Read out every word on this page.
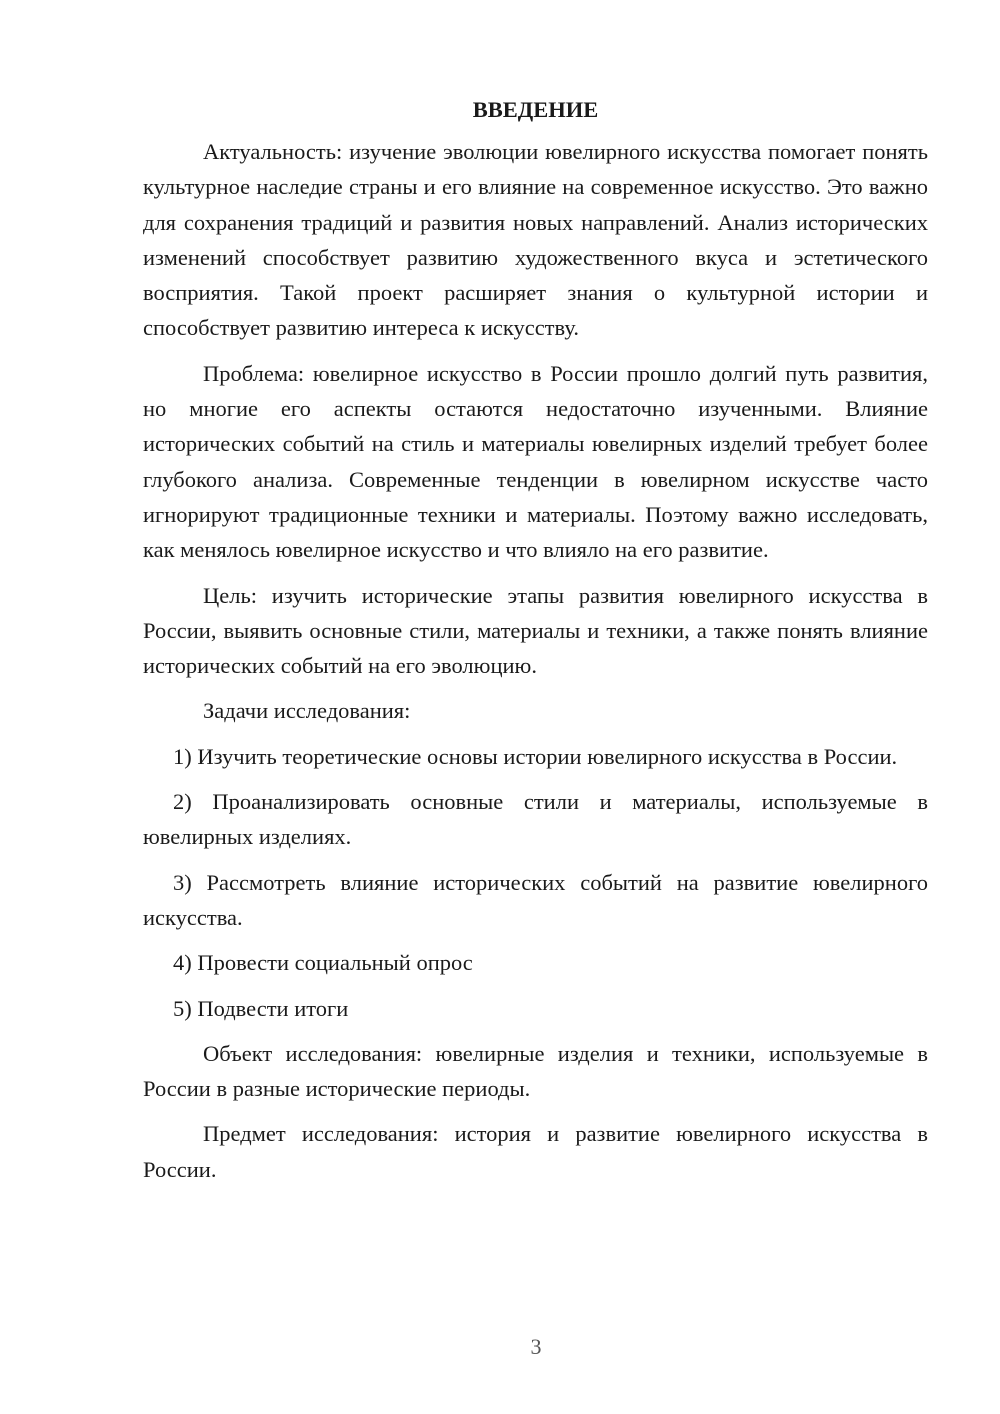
ВВЕДЕНИЕ

Актуальность: изучение эволюции ювелирного искусства помогает понять культурное наследие страны и его влияние на современное искусство. Это важно для сохранения традиций и развития новых направлений. Анализ исторических изменений способствует развитию художественного вкуса и эстетического восприятия. Такой проект расширяет знания о культурной истории и способствует развитию интереса к искусству.

Проблема: ювелирное искусство в России прошло долгий путь развития, но многие его аспекты остаются недостаточно изученными. Влияние исторических событий на стиль и материалы ювелирных изделий требует более глубокого анализа. Современные тенденции в ювелирном искусстве часто игнорируют традиционные техники и материалы. Поэтому важно исследовать, как менялось ювелирное искусство и что влияло на его развитие.

Цель: изучить исторические этапы развития ювелирного искусства в России, выявить основные стили, материалы и техники, а также понять влияние исторических событий на его эволюцию.

Задачи исследования:

1) Изучить теоретические основы истории ювелирного искусства в России.

2) Проанализировать основные стили и материалы, используемые в ювелирных изделиях.

3) Рассмотреть влияние исторических событий на развитие ювелирного искусства.

4) Провести социальный опрос

5) Подвести итоги

Объект исследования: ювелирные изделия и техники, используемые в России в разные исторические периоды.

Предмет исследования: история и развитие ювелирного искусства в России.

3
